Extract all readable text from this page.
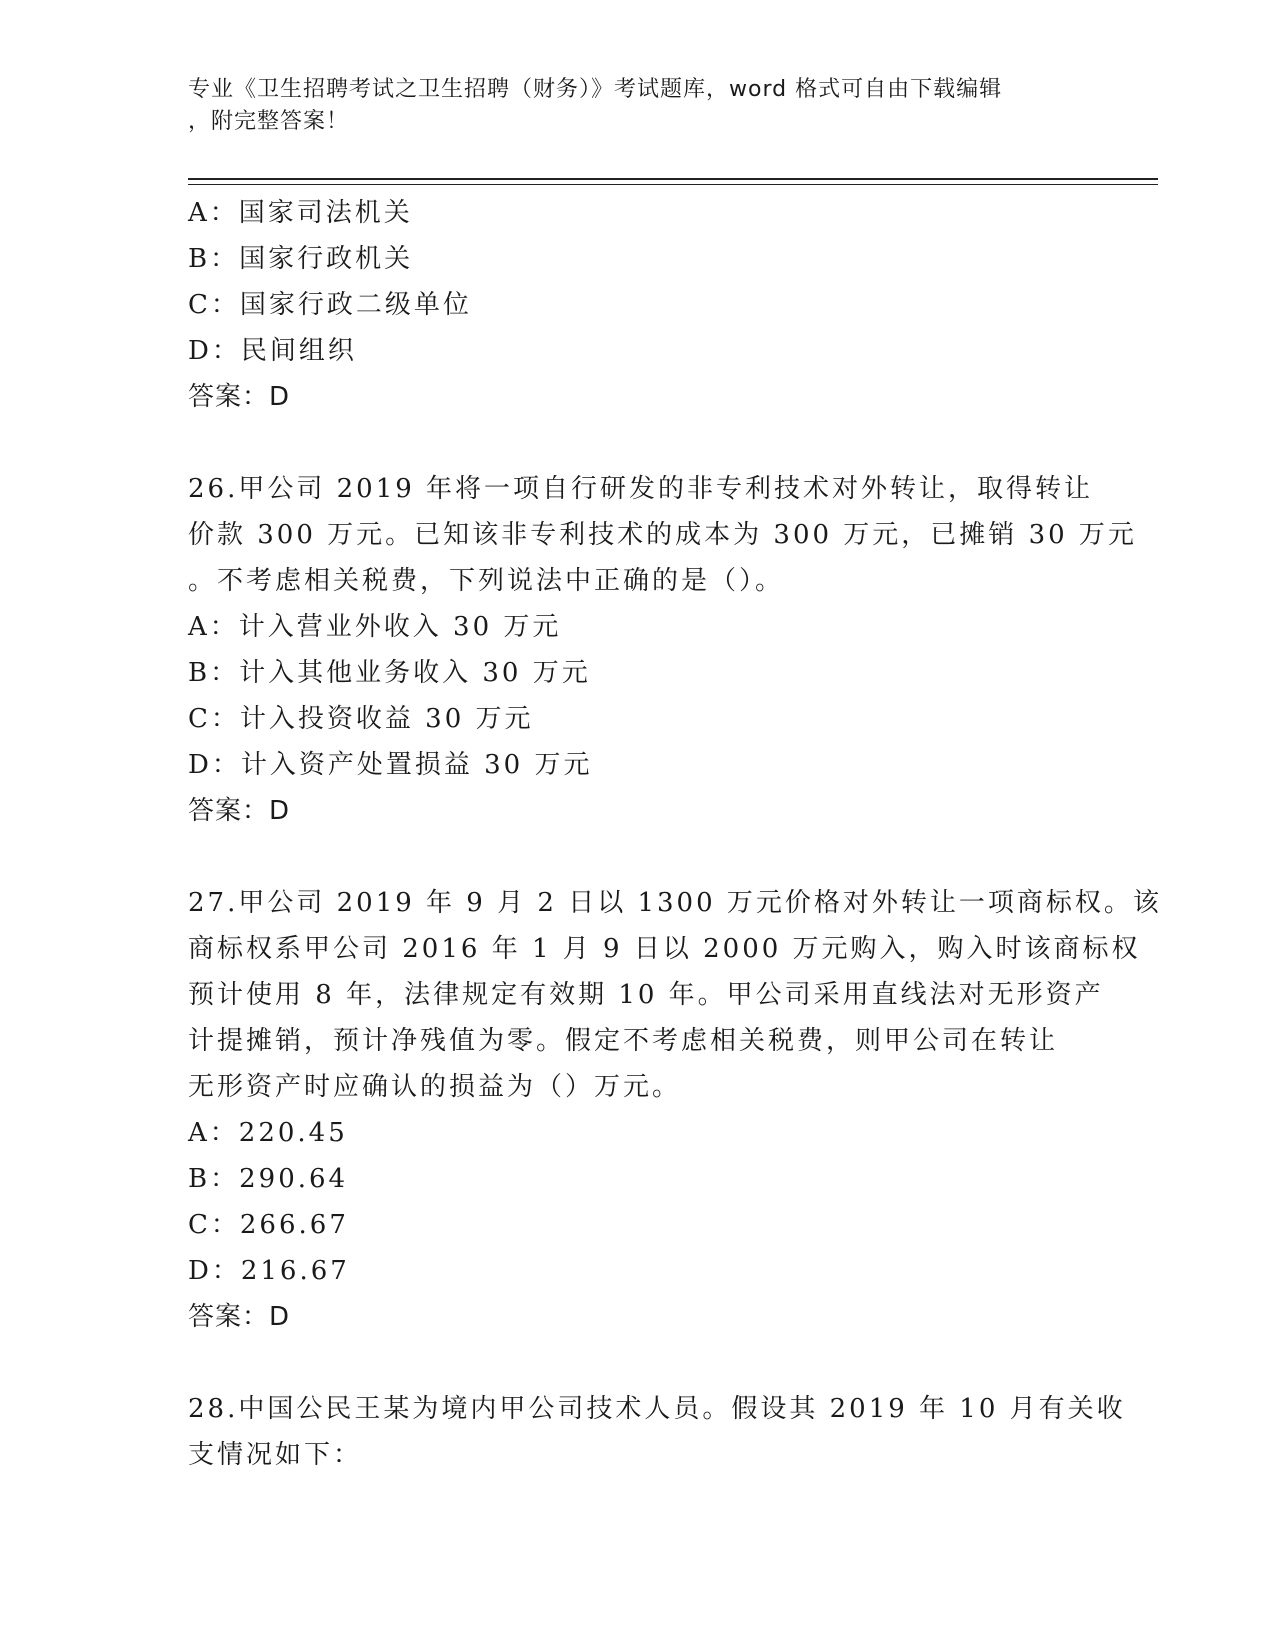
专业《卫生招聘考试之卫生招聘（财务）》考试题库，word 格式可自由下载编辑
，附完整答案！
A：国家司法机关
B：国家行政机关
C：国家行政二级单位
D：民间组织
答案：D
26.甲公司 2019 年将一项自行研发的非专利技术对外转让，取得转让
价款 300 万元。已知该非专利技术的成本为 300 万元，已摊销 30 万元
。不考虑相关税费，下列说法中正确的是（）。
A：计入营业外收入 30 万元
B：计入其他业务收入 30 万元
C：计入投资收益 30 万元
D：计入资产处置损益 30 万元
答案：D
27.甲公司 2019 年 9 月 2 日以 1300 万元价格对外转让一项商标权。该
商标权系甲公司 2016 年 1 月 9 日以 2000 万元购入，购入时该商标权
预计使用 8 年，法律规定有效期 10 年。甲公司采用直线法对无形资产
计提摊销，预计净残值为零。假定不考虑相关税费，则甲公司在转让
无形资产时应确认的损益为（）万元。
A：220.45
B：290.64
C：266.67
D：216.67
答案：D
28.中国公民王某为境内甲公司技术人员。假设其 2019 年 10 月有关收
支情况如下：
